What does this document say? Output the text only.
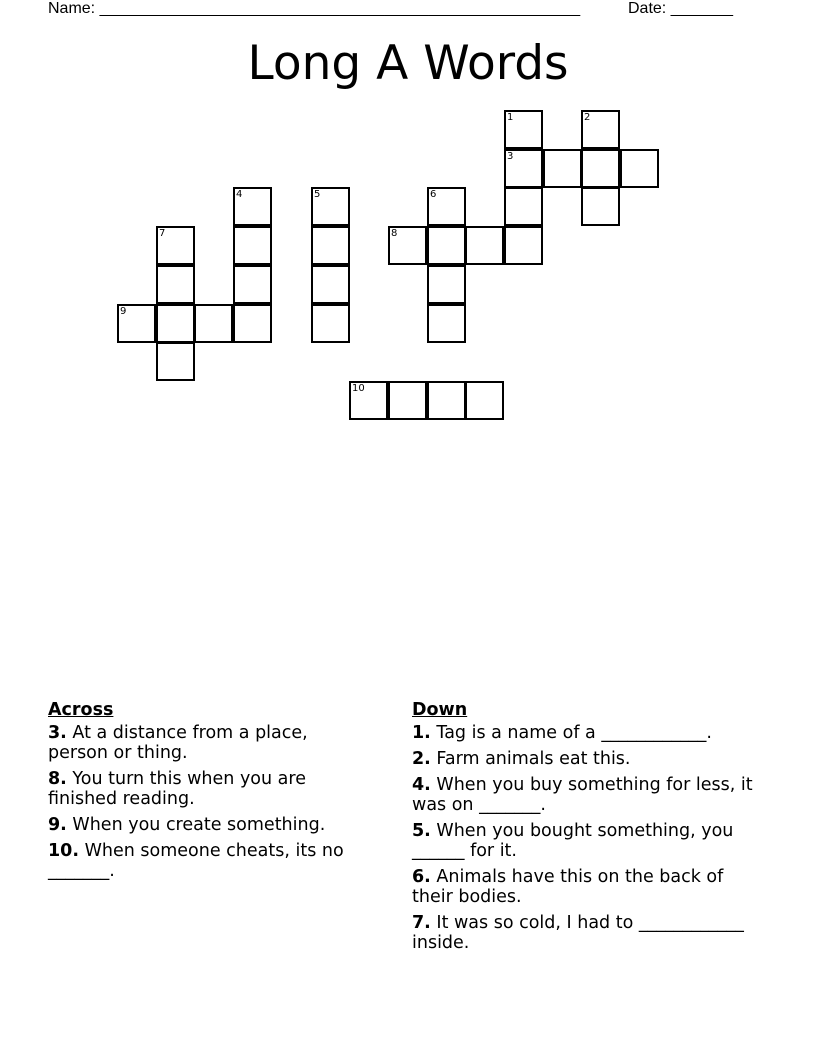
Name: ______________________________________________________	Date: _______
Long A Words
1	2
3
4	5	6
7	8
9
10
Across
3. At a distance from a place, person or thing.
8. You turn this when you are finished reading.
9. When you create something.
10. When someone cheats, its no _______.
Down
1. Tag is a name of a ____________.
2. Farm animals eat this.
4. When you buy something for less, it was on _______.
5. When you bought something, you ______ for it.
6. Animals have this on the back of their bodies.
7. It was so cold, I had to ____________ inside.
